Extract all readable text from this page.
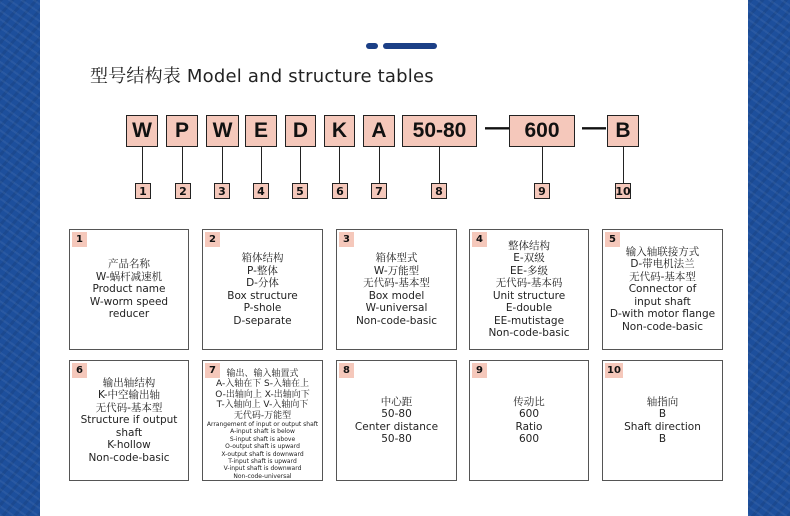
型号结构表 Model and structure tables
W	P	W	E	D	K	A	50-80 — 600 — B
1	2	3	4	5	6	7	8	9	10
1
产品名称
W-蜗杆减速机
Product name
W-worm speed
reducer
2
箱体结构
P-整体
D-分体
Box structure
P-shole
D-separate
3
箱体型式
W-万能型
无代码-基本型
Box model
W-universal
Non-code-basic
4	整体结构
E-双级
EE-多级
无代码-基本码
Unit structure
E-double
EE-mutistage
Non-code-basic
5
输入轴联接方式
D-带电机法兰
无代码-基本型
Connector of
input shaft
D-with motor flange
Non-code-basic
6
输出轴结构
K-中空输出轴
无代码-基本型
Structure if output
shaft
K-hollow
Non-code-basic
7	输出、输入轴置式
A-入轴在下 S-入轴在上
O-出轴向上 X-出轴向下
T-入轴向上 V-入轴向下
无代码-万能型
Arrangement of input or output shaft
A-input shaft is below
S-input shaft is above
O-output shaft is upward
X-output shaft is downward
T-input shaft is upward
V-input shaft is downward
Non-code-universal
8
中心距
50-80
Center distance
50-80
9
传动比
600
Ratio
600
10
轴指向
B
Shaft direction
B
